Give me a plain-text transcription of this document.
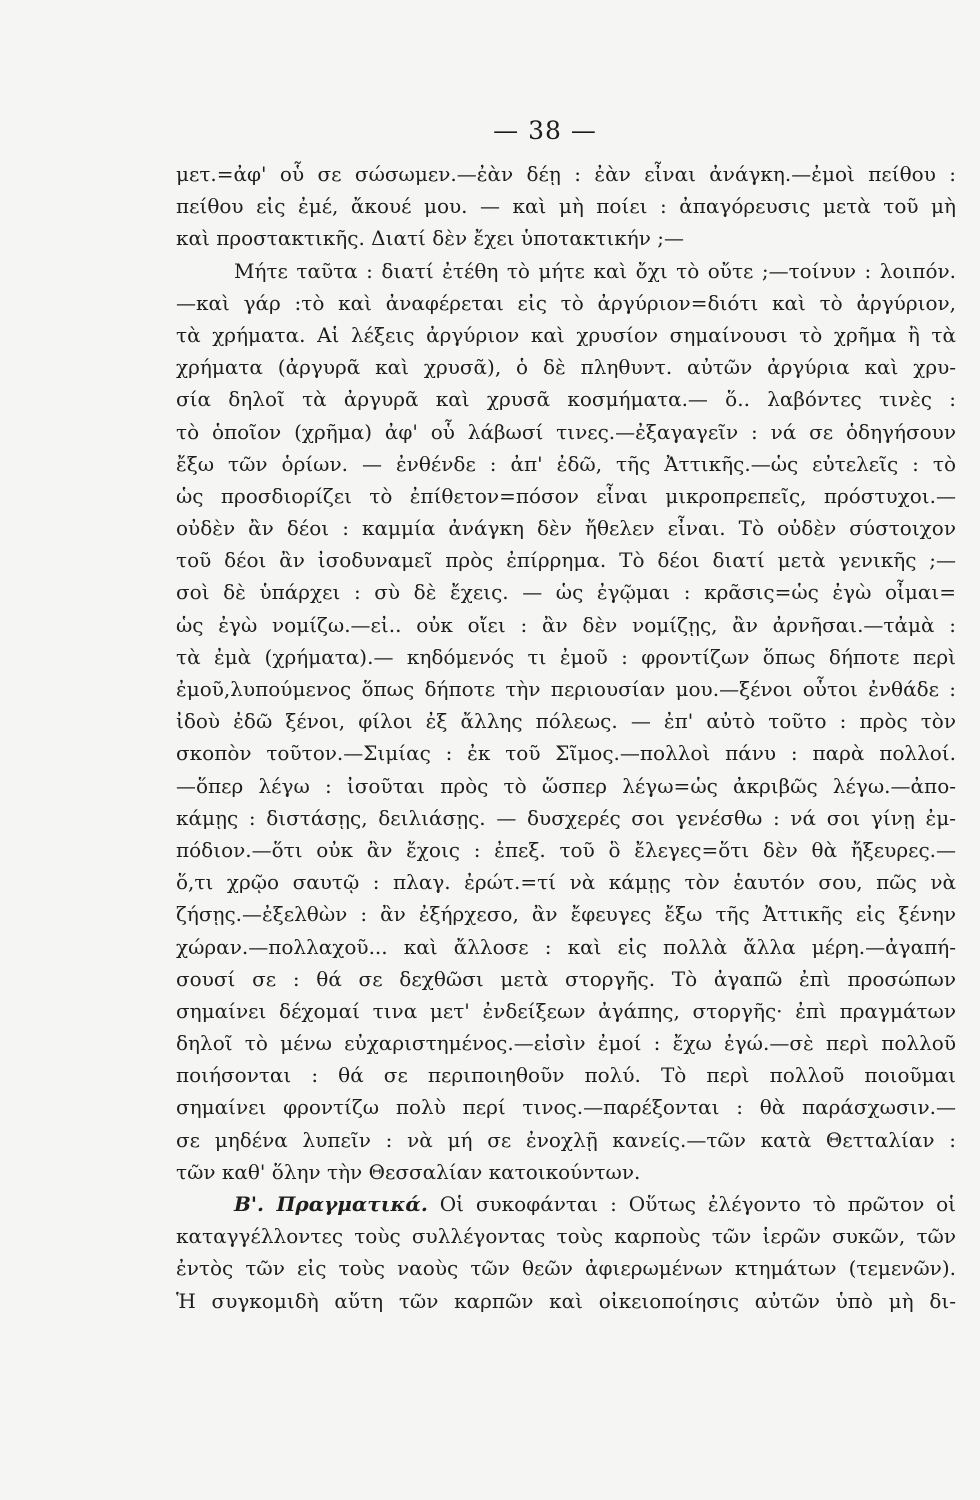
— 38 —
μετ.=ἀφ' οὗ σε σώσωμεν.—ἐὰν δέῃ : ἐὰν εἶναι ἀνάγκη.—ἐμοὶ πείθου :
πείθου εἰς ἐμέ, ἄκουέ μου. — καὶ μὴ ποίει : ἀπαγόρευσις μετὰ τοῦ μὴ
καὶ προστακτικῆς. Διατί δὲν ἔχει ὑποτακτικήν ;—
Μήτε ταῦτα : διατί ἐτέθη τὸ μήτε καὶ ὄχι τὸ οὔτε ;—τοίνυν : λοιπόν.
—καὶ γάρ :τὸ καὶ ἀναφέρεται εἰς τὸ ἀργύριον=διότι καὶ τὸ ἀργύριον,
τὰ χρήματα. Αἱ λέξεις ἀργύριον καὶ χρυσίον σημαίνουσι τὸ χρῆμα ἢ τὰ
χρήματα (ἀργυρᾶ καὶ χρυσᾶ), ὁ δὲ πληθυντ. αὐτῶν ἀργύρια καὶ χρυ-
σία δηλοῖ τὰ ἀργυρᾶ καὶ χρυσᾶ κοσμήματα.— ὅ.. λαβόντες τινὲς :
τὸ ὁποῖον (χρῆμα) ἀφ' οὗ λάβωσί τινες.—ἐξαγαγεῖν : νά σε ὁδηγήσουν
ἔξω τῶν ὁρίων. — ἐνθένδε : ἀπ' ἐδῶ, τῆς Ἀττικῆς.—ὡς εὐτελεῖς : τὸ
ὡς προσδιορίζει τὸ ἐπίθετον=πόσον εἶναι μικροπρεπεῖς, πρόστυχοι.—
οὐδὲν ἂν δέοι : καμμία ἀνάγκη δὲν ἤθελεν εἶναι. Τὸ οὐδὲν σύστοιχον
τοῦ δέοι ἂν ἰσοδυναμεῖ πρὸς ἐπίρρημα. Τὸ δέοι διατί μετὰ γενικῆς ;—
σοὶ δὲ ὑπάρχει : σὺ δὲ ἔχεις. — ὡς ἐγῷμαι : κρᾶσις=ὡς ἐγὼ οἶμαι=
ὡς ἐγὼ νομίζω.—εἰ.. οὐκ οἴει : ἂν δὲν νομίζῃς, ἂν ἀρνῆσαι.—τἀμὰ :
τὰ ἐμὰ (χρήματα).— κηδόμενός τι ἐμοῦ : φροντίζων ὅπως δήποτε περὶ
ἐμοῦ,λυπούμενος ὅπως δήποτε τὴν περιουσίαν μου.—ξένοι οὗτοι ἐνθάδε :
ἰδοὺ ἐδῶ ξένοι, φίλοι ἐξ ἄλλης πόλεως. — ἐπ' αὐτὸ τοῦτο : πρὸς τὸν
σκοπὸν τοῦτον.—Σιμίας : ἐκ τοῦ Σῖμος.—πολλοὶ πάνυ : παρὰ πολλοί.
—ὅπερ λέγω : ἰσοῦται πρὸς τὸ ὥσπερ λέγω=ὡς ἀκριβῶς λέγω.—ἀπο-
κάμῃς : διστάσῃς, δειλιάσῃς. — δυσχερές σοι γενέσθω : νά σοι γίνῃ ἐμ-
πόδιον.—ὅτι οὐκ ἂν ἔχοις : ἐπεξ. τοῦ ὃ ἔλεγες=ὅτι δὲν θὰ ἤξευρες.—
ὅ,τι χρῷο σαυτῷ : πλαγ. ἐρώτ.=τί νὰ κάμῃς τὸν ἑαυτόν σου, πῶς νὰ
ζήσῃς.—ἐξελθὼν : ἂν ἐξήρχεσο, ἂν ἔφευγες ἔξω τῆς Ἀττικῆς εἰς ξένην
χώραν.—πολλαχοῦ... καὶ ἄλλοσε : καὶ εἰς πολλὰ ἄλλα μέρη.—ἀγαπή-
σουσί σε : θά σε δεχθῶσι μετὰ στοργῆς. Τὸ ἀγαπῶ ἐπὶ προσώπων
σημαίνει δέχομαί τινα μετ' ἐνδείξεων ἀγάπης, στοργῆς· ἐπὶ πραγμάτων
δηλοῖ τὸ μένω εὐχαριστημένος.—εἰσὶν ἐμοί : ἔχω ἐγώ.—σὲ περὶ πολλοῦ
ποιήσονται : θά σε περιποιηθοῦν πολύ. Τὸ περὶ πολλοῦ ποιοῦμαι
σημαίνει φροντίζω πολὺ περί τινος.—παρέξονται : θὰ παράσχωσιν.—
σε μηδένα λυπεῖν : νὰ μή σε ἐνοχλῇ κανείς.—τῶν κατὰ Θετταλίαν :
τῶν καθ' ὅλην τὴν Θεσσαλίαν κατοικούντων.
Β'. Πραγματικά. Οἱ συκοφάνται : Οὕτως ἐλέγοντο τὸ πρῶτον οἱ
καταγγέλλοντες τοὺς συλλέγοντας τοὺς καρποὺς τῶν ἱερῶν συκῶν, τῶν
ἐντὸς τῶν εἰς τοὺς ναοὺς τῶν θεῶν ἀφιερωμένων κτημάτων (τεμενῶν).
Ἡ συγκομιδὴ αὕτη τῶν καρπῶν καὶ οἰκειοποίησις αὐτῶν ὑπὸ μὴ δι-
